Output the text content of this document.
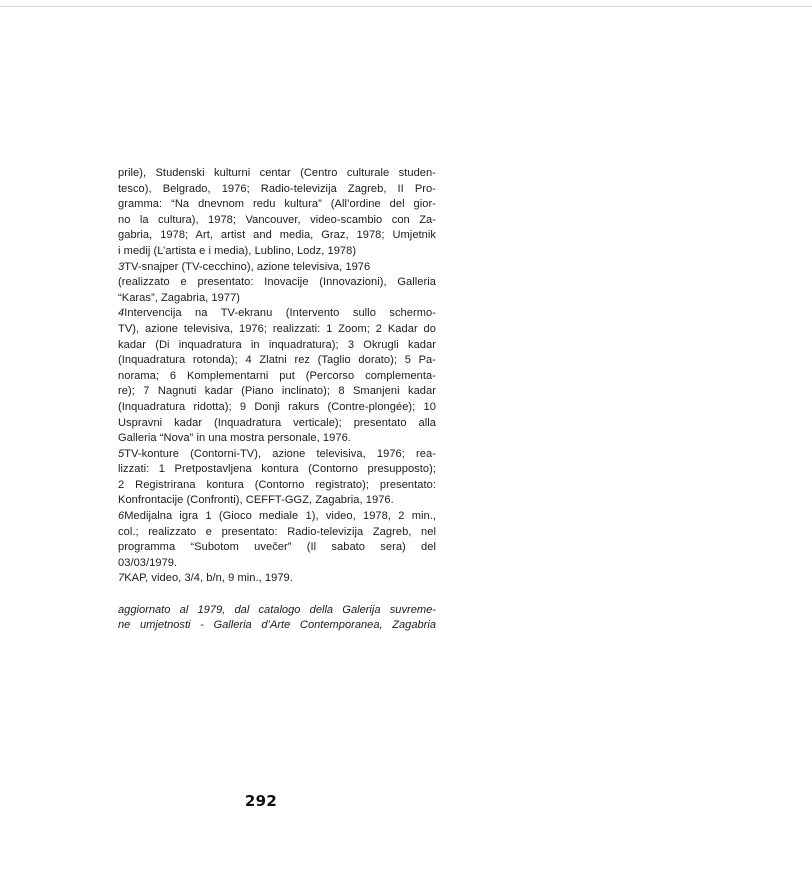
prile), Studenski kulturni centar (Centro culturale studen-
tesco), Belgrado, 1976; Radio-televizija Zagreb, II Pro-
gramma: “Na dnevnom redu kultura” (All’ordine del gior-
no la cultura), 1978; Vancouver, video-scambio con Za-
gabria, 1978; Art, artist and media, Graz, 1978; Umjetnik
i medij (L’artista e i media), Lublino, Lodz, 1978)
3TV-snajper (TV-cecchino), azione televisiva, 1976
(realizzato e presentato: Inovacije (Innovazioni), Galleria
“Karas”, Zagabria, 1977)
4Intervencija na TV-ekranu (Intervento sullo schermo-
TV), azione televisiva, 1976; realizzati: 1 Zoom; 2 Kadar do
kadar (Di inquadratura in inquadratura); 3 Okrugli kadar
(Inquadratura rotonda); 4 Zlatni rez (Taglio dorato); 5 Pa-
norama; 6 Komplementarni put (Percorso complementa-
re); 7 Nagnuti kadar (Piano inclinato); 8 Smanjeni kadar
(Inquadratura ridotta); 9 Donji rakurs (Contre-plongée); 10
Uspravni kadar (Inquadratura verticale); presentato alla
Galleria “Nova” in una mostra personale, 1976.
5TV-konture (Contorni-TV), azione televisiva, 1976; rea-
lizzati: 1 Pretpostavljena kontura (Contorno presupposto);
2 Registrirana kontura (Contorno registrato); presentato:
Konfrontacije (Confronti), CEFFT-GGZ, Zagabria, 1976.
6Medijalna igra 1 (Gioco mediale 1), video, 1978, 2 min.,
col.; realizzato e presentato: Radio-televizija Zagreb, nel
programma “Subotom uvečer” (Il sabato sera) del
03/03/1979.
7KAP, video, 3/4, b/n, 9 min., 1979.
aggiornato al 1979, dal catalogo della Galerija suvreme-
ne umjetnosti - Galleria d’Arte Contemporanea, Zagabria
292
